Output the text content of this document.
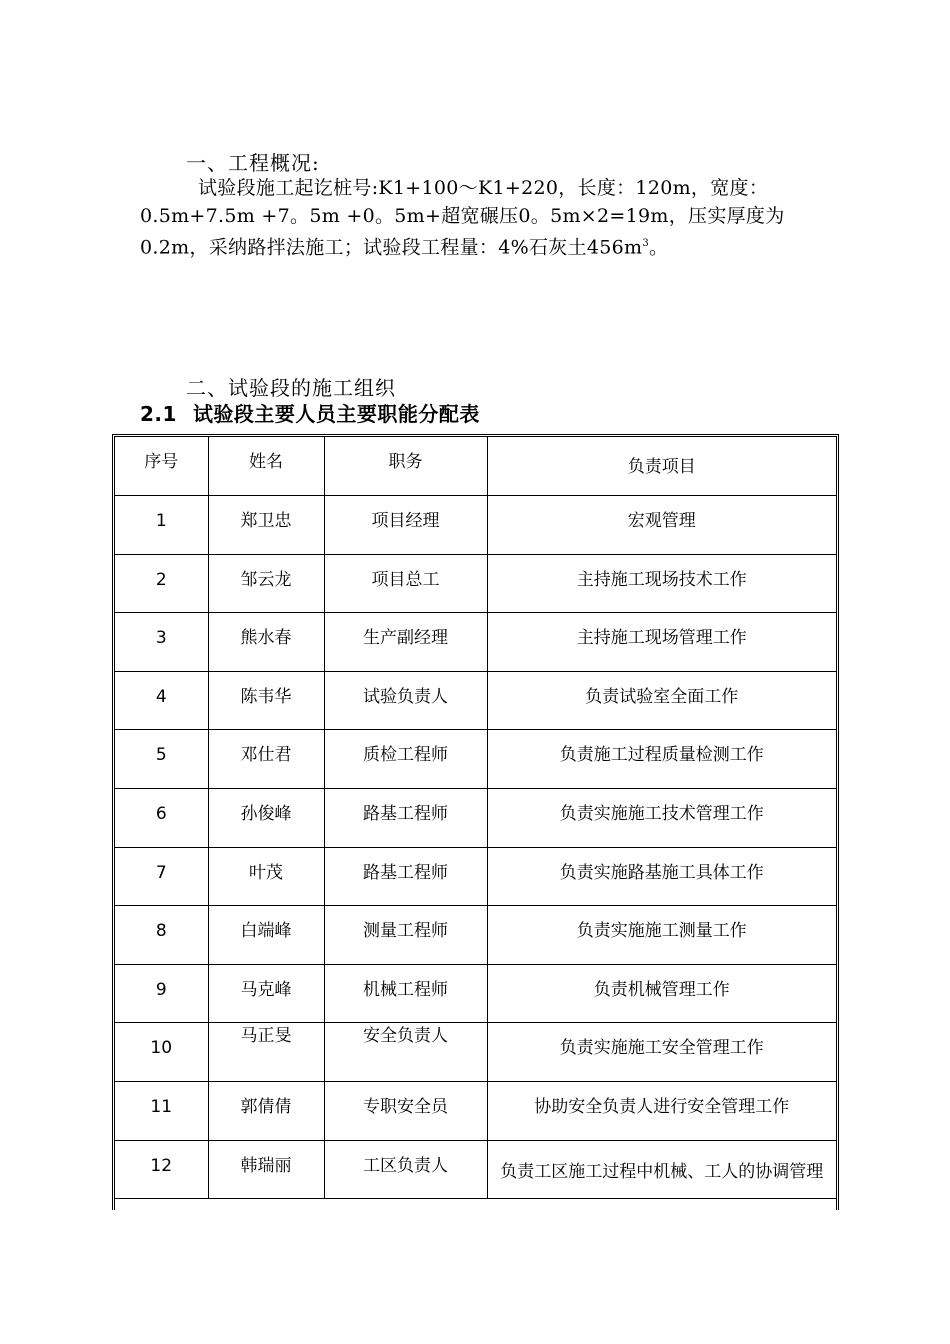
一、工程概况:
试验段施工起讫桩号:K1+100～K1+220，长度：120m，宽度：
0.5m+7.5m +7。5m +0。5m+超宽碾压0。5m×2=19m，压实厚度为
0.2m，采纳路拌法施工；试验段工程量：4%石灰土$456m^3$。
二、试验段的施工组织
2.1 试验段主要人员主要职能分配表
序号	姓名	职务	负责项目

1	郑卫忠	项目经理	宏观管理

2	邹云龙	项目总工	主持施工现场技术工作

3	熊水春	生产副经理	主持施工现场管理工作

4	陈韦华	试验负责人	负责试验室全面工作

5	邓仕君	质检工程师	负责施工过程质量检测工作

6	孙俊峰	路基工程师	负责实施施工技术管理工作

7	叶茂	路基工程师	负责实施路基施工具体工作

8	白端峰	测量工程师	负责实施施工测量工作

9	马克峰	机械工程师	负责机械管理工作

10	马正旻	安全负责人	负责实施施工安全管理工作

11	郭倩倩	专职安全员	协助安全负责人进行安全管理工作

12	韩瑞丽	工区负责人	负责工区施工过程中机械、工人的协调管理
